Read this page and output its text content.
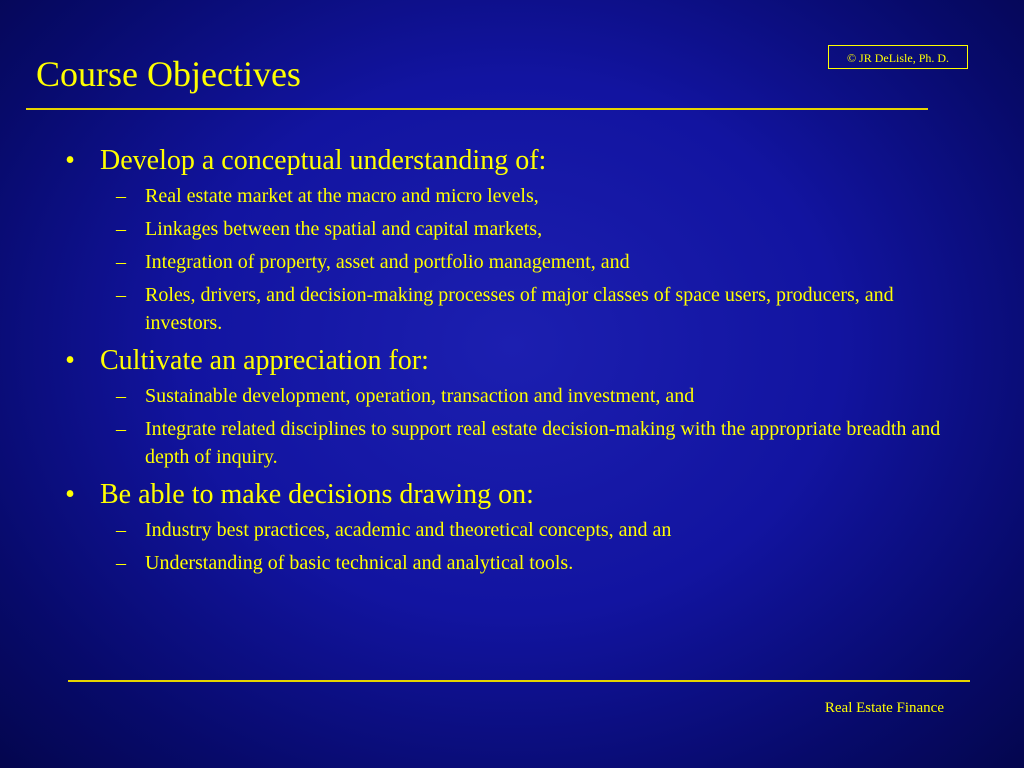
Course Objectives	© JR DeLisle, Ph. D.
• Develop a conceptual understanding of:
– Real estate market at the macro and micro levels,
– Linkages between the spatial and capital markets,
– Integration of property, asset and portfolio management, and
– Roles, drivers, and decision-making processes of major classes of space users, producers, and investors.
• Cultivate an appreciation for:
– Sustainable development, operation, transaction and investment, and
– Integrate related disciplines to support real estate decision-making with the appropriate breadth and depth of inquiry.
• Be able to make decisions drawing on:
– Industry best practices, academic and theoretical concepts, and an
– Understanding of basic technical and analytical tools.
Real Estate Finance
